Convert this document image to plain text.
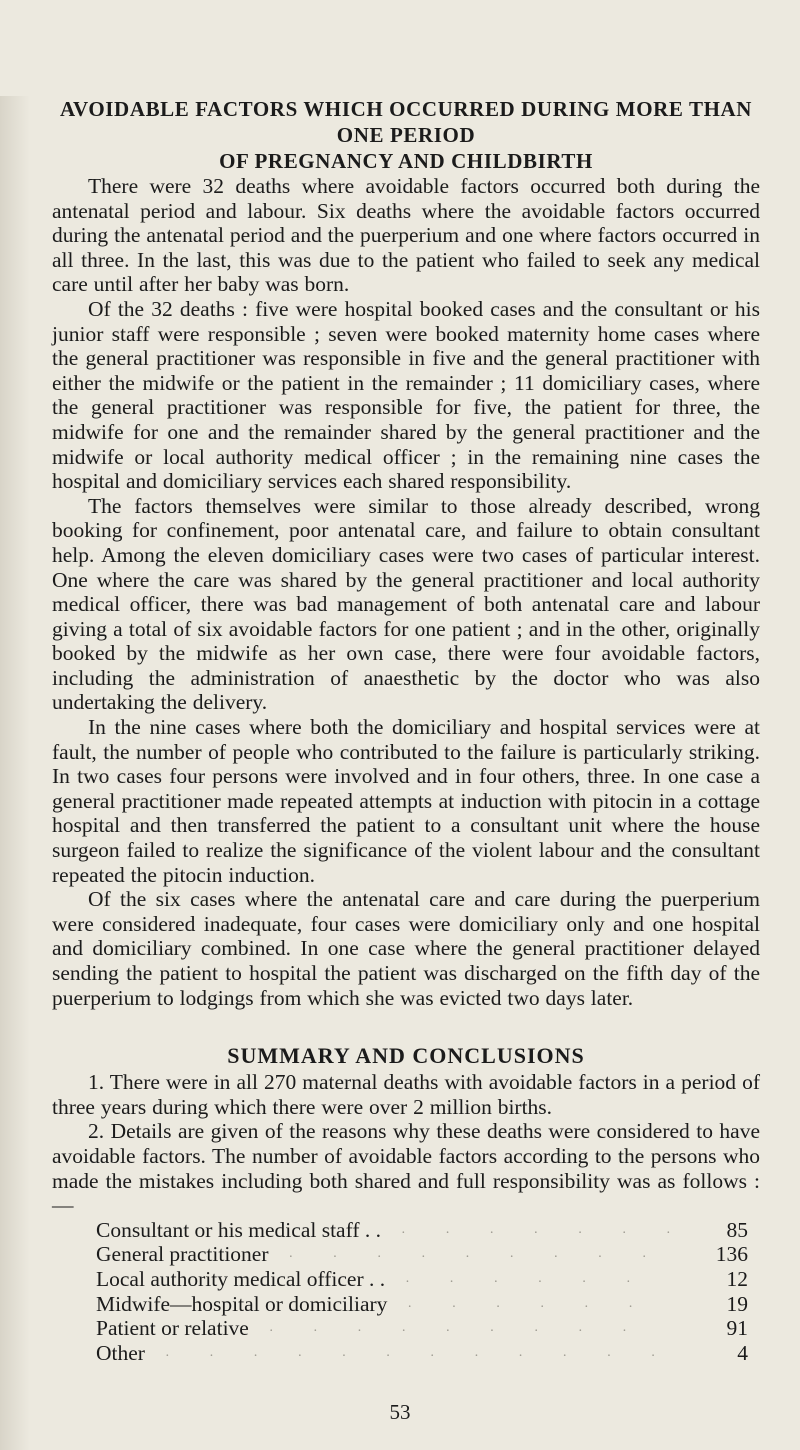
AVOIDABLE FACTORS WHICH OCCURRED DURING MORE THAN ONE PERIOD
OF PREGNANCY AND CHILDBIRTH

There were 32 deaths where avoidable factors occurred both during the antenatal period and labour. Six deaths where the avoidable factors occurred during the antenatal period and the puerperium and one where factors occurred in all three. In the last, this was due to the patient who failed to seek any medical care until after her baby was born.

Of the 32 deaths : five were hospital booked cases and the consultant or his junior staff were responsible ; seven were booked maternity home cases where the general practitioner was responsible in five and the general practitioner with either the midwife or the patient in the remainder ; 11 domiciliary cases, where the general practitioner was responsible for five, the patient for three, the midwife for one and the remainder shared by the general practitioner and the midwife or local authority medical officer ; in the remaining nine cases the hospital and domiciliary services each shared responsibility.

The factors themselves were similar to those already described, wrong booking for confinement, poor antenatal care, and failure to obtain consultant help. Among the eleven domiciliary cases were two cases of particular interest. One where the care was shared by the general practitioner and local authority medical officer, there was bad management of both antenatal care and labour giving a total of six avoidable factors for one patient ; and in the other, originally booked by the midwife as her own case, there were four avoidable factors, including the administration of anaesthetic by the doctor who was also undertaking the delivery.

In the nine cases where both the domiciliary and hospital services were at fault, the number of people who contributed to the failure is particularly striking. In two cases four persons were involved and in four others, three. In one case a general practitioner made repeated attempts at induction with pitocin in a cottage hospital and then transferred the patient to a consultant unit where the house surgeon failed to realize the significance of the violent labour and the consultant repeated the pitocin induction.

Of the six cases where the antenatal care and care during the puerperium were considered inadequate, four cases were domiciliary only and one hospital and domiciliary combined. In one case where the general practitioner delayed sending the patient to hospital the patient was discharged on the fifth day of the puerperium to lodgings from which she was evicted two days later.

SUMMARY AND CONCLUSIONS

1. There were in all 270 maternal deaths with avoidable factors in a period of three years during which there were over 2 million births.

2. Details are given of the reasons why these deaths were considered to have avoidable factors. The number of avoidable factors according to the persons who made the mistakes including both shared and full responsibility was as follows :—

Consultant or his medical staff . .	· · · · · · ·	85
General practitioner	· · · · · · · · ·	136
Local authority medical officer . .	· · · · · ·	12
Midwife—hospital or domiciliary	· · · · · ·	19
Patient or relative	· · · · · · · · ·	91
Other	· · · · · · · · · · · ·	4
53
